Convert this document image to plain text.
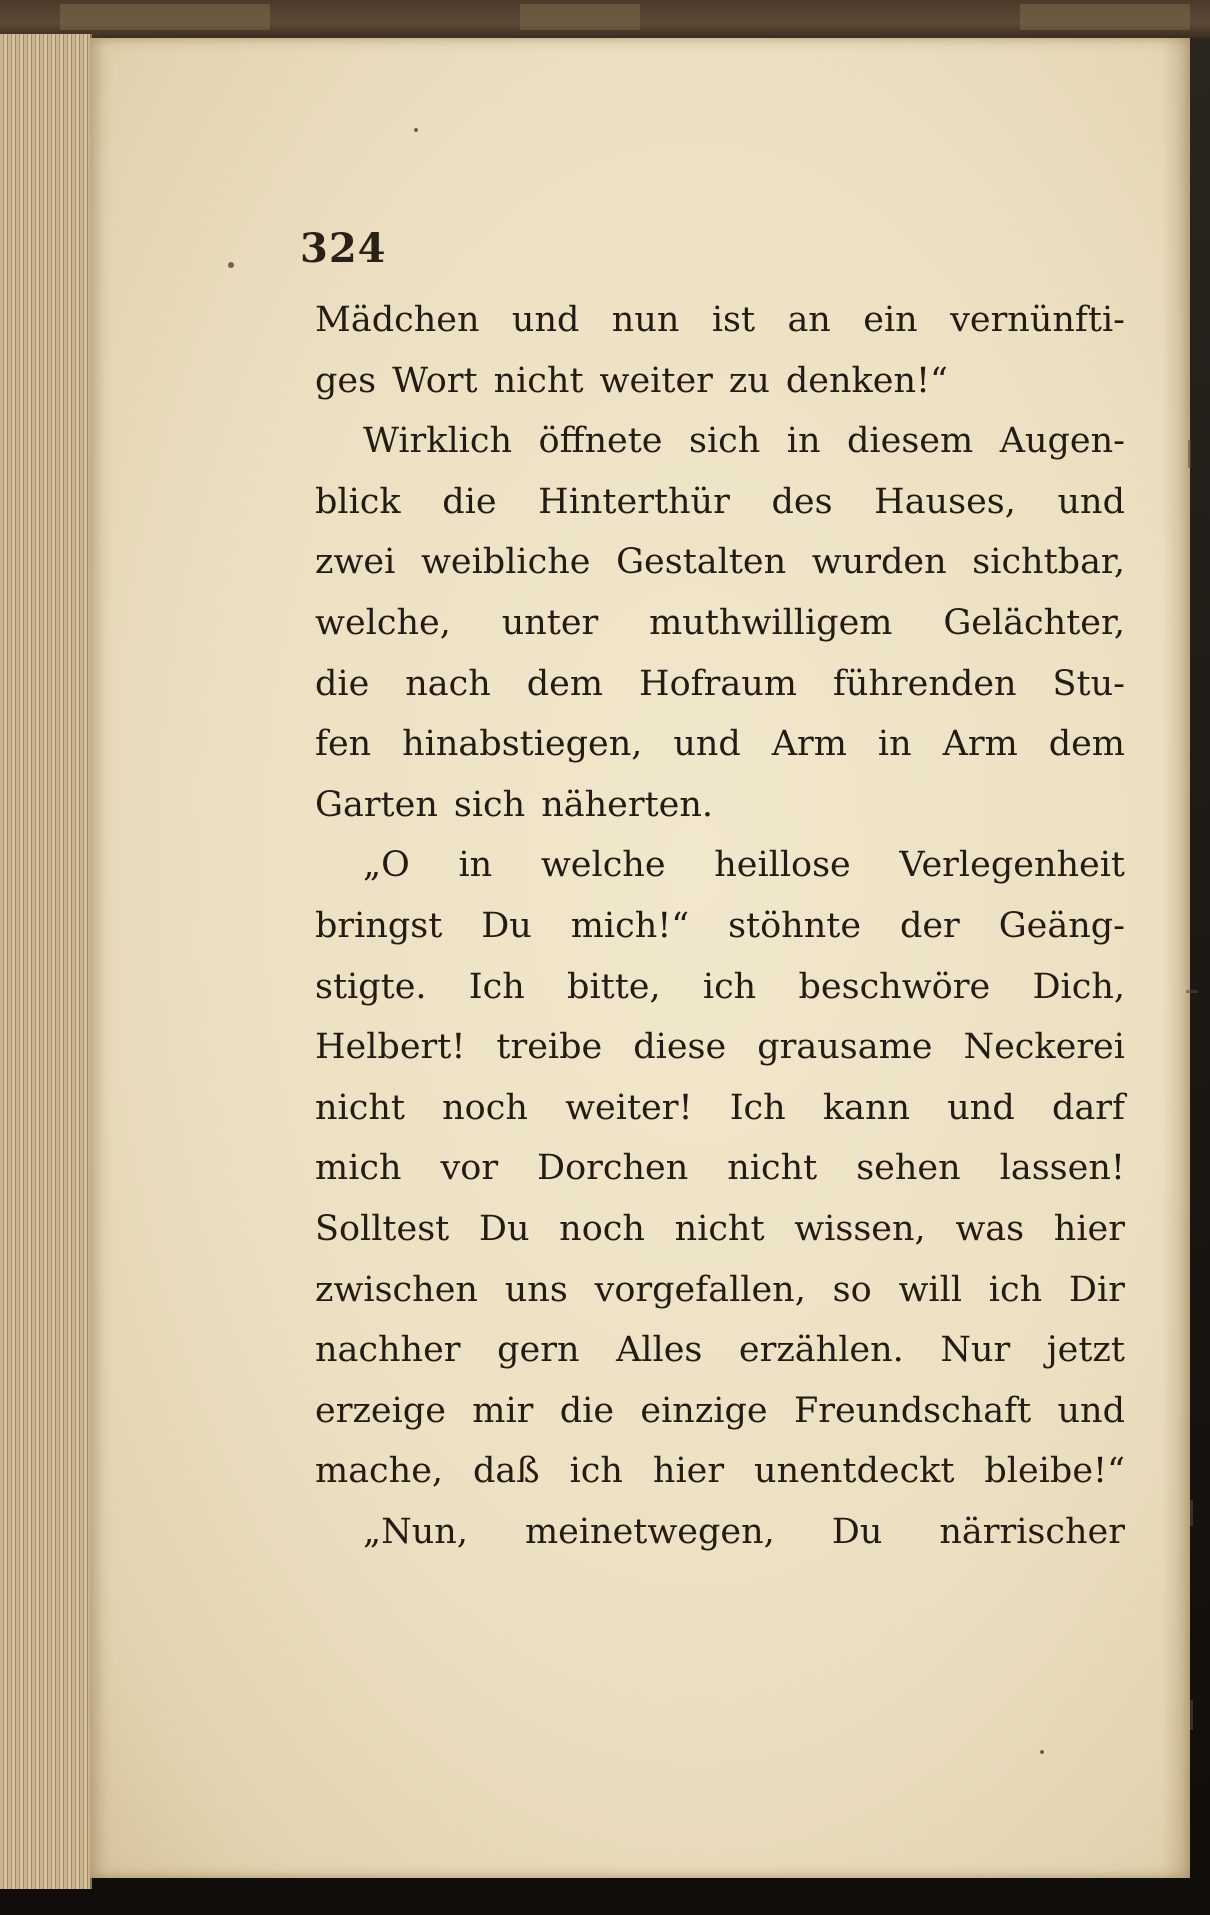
324
Mädchen und nun ist an ein vernünfti-
ges Wort nicht weiter zu denken!“
Wirklich öffnete sich in diesem Augen-
blick die Hinterthür des Hauses, und
zwei weibliche Gestalten wurden sichtbar,
welche, unter muthwilligem Gelächter,
die nach dem Hofraum führenden Stu-
fen hinabstiegen, und Arm in Arm dem
Garten sich näherten.
„O in welche heillose Verlegenheit
bringst Du mich!“ stöhnte der Geäng-
stigte. Ich bitte, ich beschwöre Dich,
Helbert! treibe diese grausame Neckerei
nicht noch weiter! Ich kann und darf
mich vor Dorchen nicht sehen lassen!
Solltest Du noch nicht wissen, was hier
zwischen uns vorgefallen, so will ich Dir
nachher gern Alles erzählen. Nur jetzt
erzeige mir die einzige Freundschaft und
mache, daß ich hier unentdeckt bleibe!“
„Nun, meinetwegen, Du närrischer
